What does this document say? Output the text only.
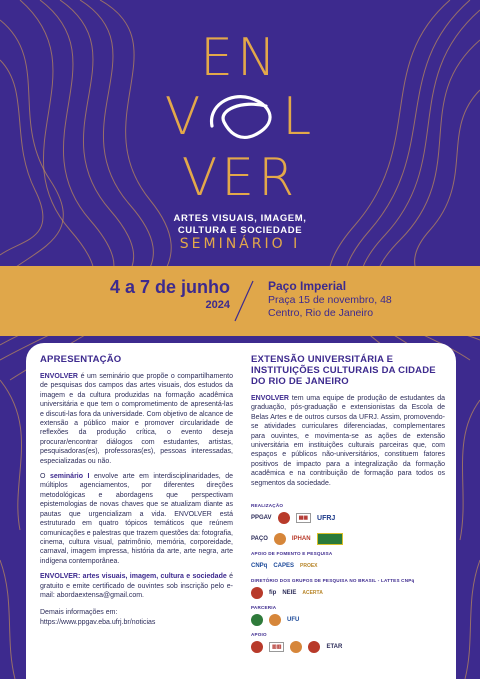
EN
V L
VER
ARTES VISUAIS, IMAGEM,
CULTURA E SOCIEDADE
SEMINÁRIO I
4 a 7 de junho
2024
Paço Imperial
Praça 15 de novembro, 48
Centro, Rio de Janeiro
APRESENTAÇÃO

ENVOLVER é um seminário que propõe o compartilhamento de pesquisas dos campos das artes visuais, dos estudos da imagem e da cultura produzidas na formação acadêmica universitária e que tem o comprometimento de apresentá-las e discuti-las fora da universidade. Com objetivo de alcance de extensão a público maior e promover circularidade de reflexões da produção crítica, o evento deseja procurar/encontrar diálogos com estudantes, artistas, pesquisadoras(es), professoras(es), pessoas interessadas, especializadas ou não.

O seminário I envolve arte em interdisciplinaridades, de múltiplos agenciamentos, por diferentes direções metodológicas e abordagens que perspectivam epistemologias de novas chaves que se atualizam diante as pautas que urgencializam a vida. ENVOLVER está estruturado em quatro tópicos temáticos que reúnem comunicações e palestras que trazem questões da: fotografia, cinema, cultura visual, patrimônio, memória, corporeidade, carnaval, imagem impressa, história da arte, arte negra, arte indígena contemporânea.

ENVOLVER: artes visuais, imagem, cultura e sociedade é gratuito e emite certificado de ouvintes sob inscrição pelo e-mail: abordaextensa@gmail.com.

Demais informações em:
https://www.ppgav.eba.ufrj.br/noticias

EXTENSÃO UNIVERSITÁRIA E INSTITUIÇÕES CULTURAIS DA CIDADE DO RIO DE JANEIRO

ENVOLVER tem uma equipe de produção de estudantes da graduação, pós-graduação e extensionistas da Escola de Belas Artes e de outros cursos da UFRJ. Assim, promovendo-se atividades curriculares diferenciadas, complementares para ouvintes, e movimenta-se as ações de extensão universitária em instituições culturais parceiras que, com espaços e públicos não-universitários, constituem fatores positivos de impacto para a integralização da formação acadêmica e na contribuição de formação para todos os segmentos da sociedade.

REALIZAÇÃO
PPGAV	▦▦	UFRJ
PAÇO	IPHAN
APOIO DE FOMENTO E PESQUISA
CNPq CAPES PROEX
DIRETÓRIO DOS GRUPOS DE PESQUISA NO BRASIL - LATTES CNPq
fip NEIE ACERTA
PARCERIA
UFU
APOIO
▥▥	ETAR
